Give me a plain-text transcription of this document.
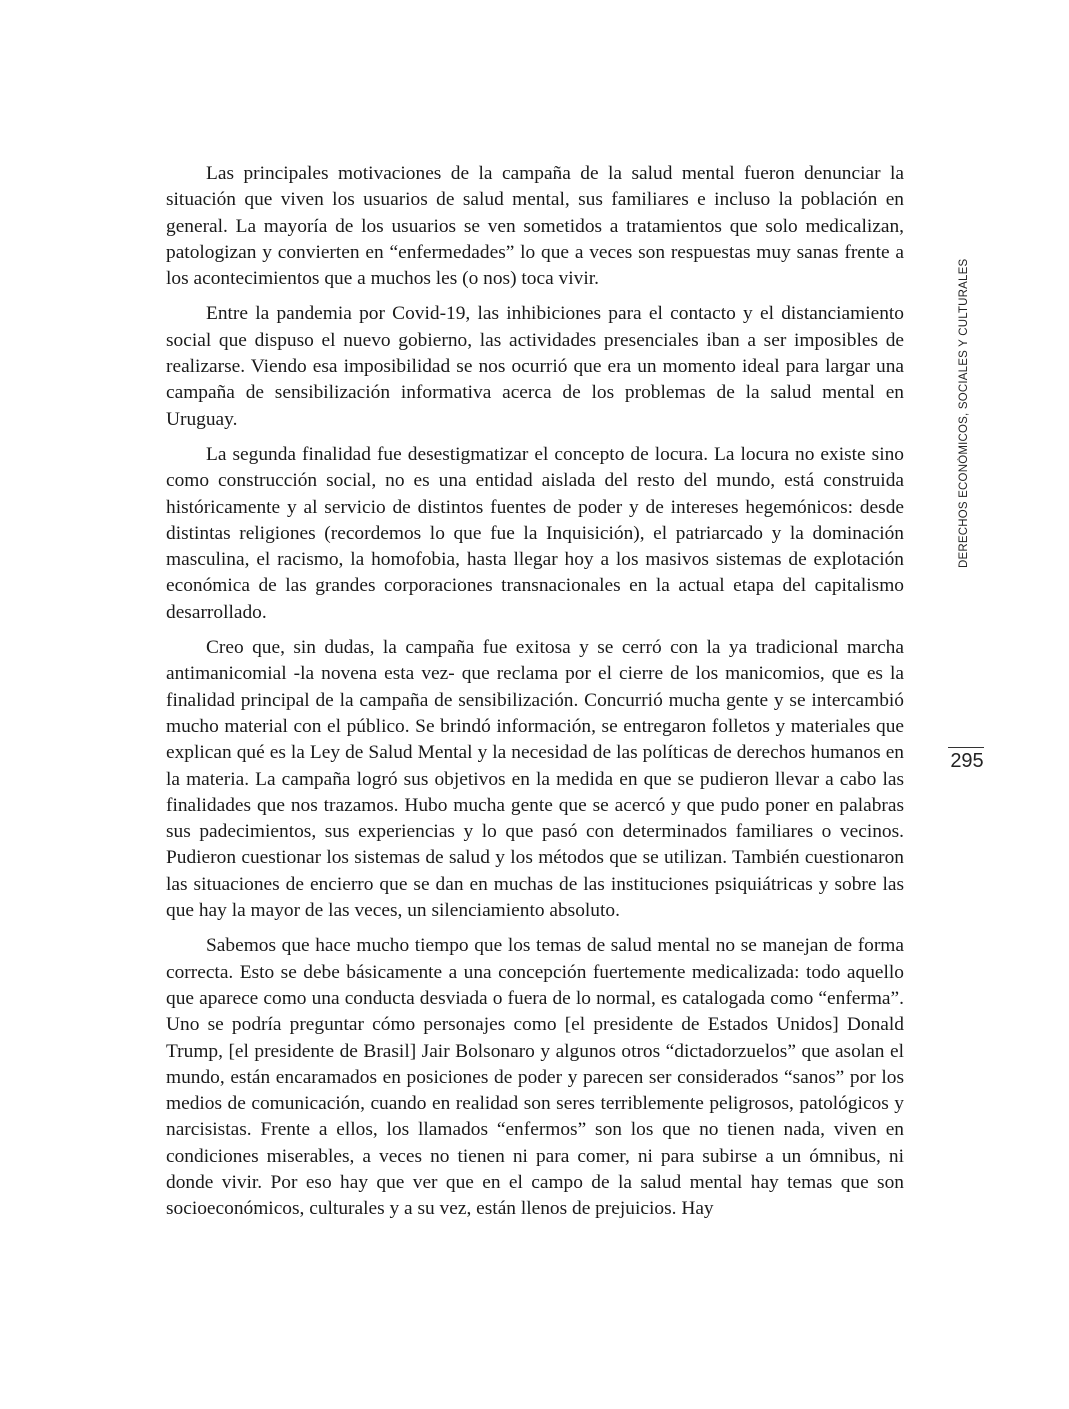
Las principales motivaciones de la campaña de la salud mental fueron denunciar la situación que viven los usuarios de salud mental, sus familiares e incluso la población en general. La mayoría de los usuarios se ven sometidos a tratamientos que solo medicalizan, patologizan y convierten en “enfermedades” lo que a veces son respuestas muy sanas frente a los acontecimientos que a muchos les (o nos) toca vivir.

Entre la pandemia por Covid-19, las inhibiciones para el contacto y el distanciamiento social que dispuso el nuevo gobierno, las actividades presenciales iban a ser imposibles de realizarse. Viendo esa imposibilidad se nos ocurrió que era un momento ideal para largar una campaña de sensibilización informativa acerca de los problemas de la salud mental en Uruguay.

La segunda finalidad fue desestigmatizar el concepto de locura. La locura no existe sino como construcción social, no es una entidad aislada del resto del mundo, está construida históricamente y al servicio de distintos fuentes de poder y de intereses hegemónicos: desde distintas religiones (recordemos lo que fue la Inquisición), el patriarcado y la dominación masculina, el racismo, la homofobia, hasta llegar hoy a los masivos sistemas de explotación económica de las grandes corporaciones transnacionales en la actual etapa del capitalismo desarrollado.

Creo que, sin dudas, la campaña fue exitosa y se cerró con la ya tradicional marcha antimanicomial -la novena esta vez- que reclama por el cierre de los manicomios, que es la finalidad principal de la campaña de sensibilización. Concurrió mucha gente y se intercambió mucho material con el público. Se brindó información, se entregaron folletos y materiales que explican qué es la Ley de Salud Mental y la necesidad de las políticas de derechos humanos en la materia. La campaña logró sus objetivos en la medida en que se pudieron llevar a cabo las finalidades que nos trazamos. Hubo mucha gente que se acercó y que pudo poner en palabras sus padecimientos, sus experiencias y lo que pasó con determinados familiares o vecinos. Pudieron cuestionar los sistemas de salud y los métodos que se utilizan. También cuestionaron las situaciones de encierro que se dan en muchas de las instituciones psiquiátricas y sobre las que hay la mayor de las veces, un silenciamiento absoluto.

Sabemos que hace mucho tiempo que los temas de salud mental no se manejan de forma correcta. Esto se debe básicamente a una concepción fuertemente medicalizada: todo aquello que aparece como una conducta desviada o fuera de lo normal, es catalogada como “enferma”. Uno se podría preguntar cómo personajes como [el presidente de Estados Unidos] Donald Trump, [el presidente de Brasil] Jair Bolsonaro y algunos otros “dictadorzuelos” que asolan el mundo, están encaramados en posiciones de poder y parecen ser considerados “sanos” por los medios de comunicación, cuando en realidad son seres terriblemente peligrosos, patológicos y narcisistas. Frente a ellos, los llamados “enfermos” son los que no tienen nada, viven en condiciones miserables, a veces no tienen ni para comer, ni para subirse a un ómnibus, ni donde vivir. Por eso hay que ver que en el campo de la salud mental hay temas que son socioeconómicos, culturales y a su vez, están llenos de prejuicios. Hay

DERECHOS ECONÓMICOS, SOCIALES Y CULTURALES
295
